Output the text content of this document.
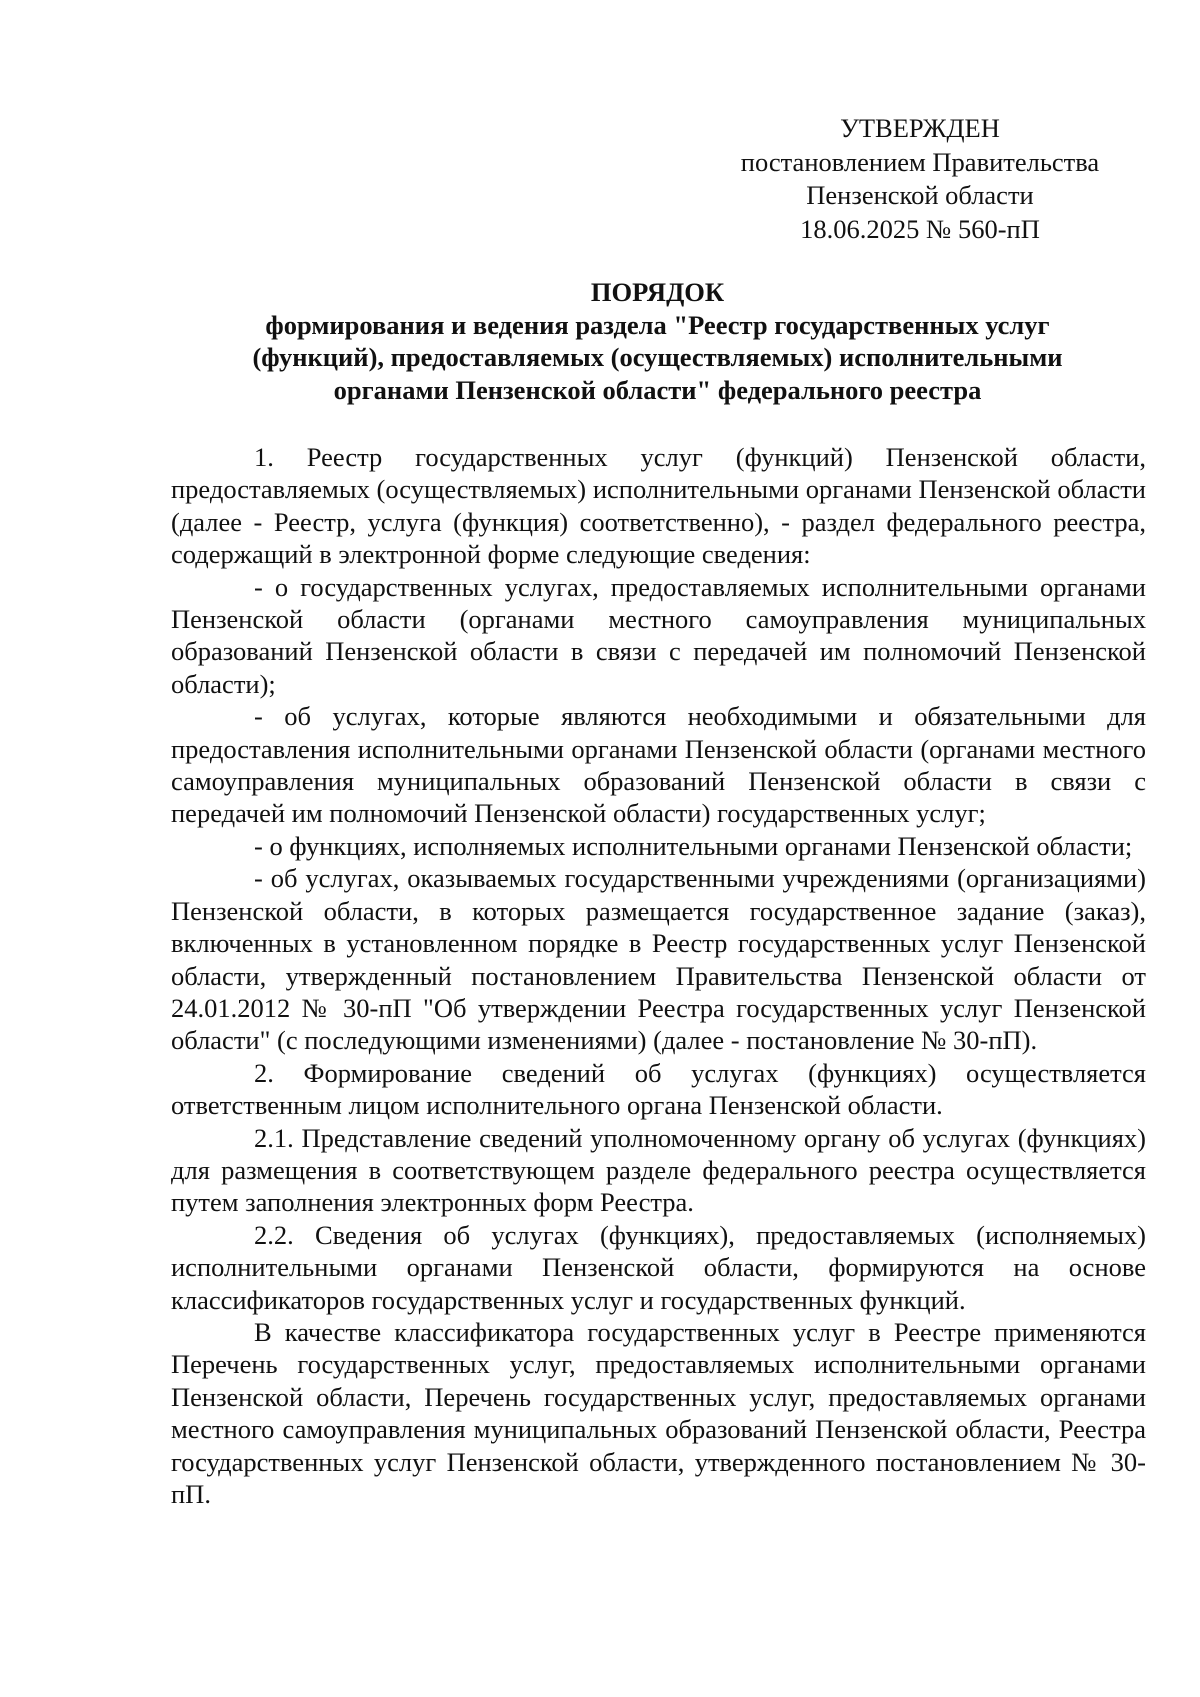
УТВЕРЖДЕН
постановлением Правительства
Пензенской области
18.06.2025 № 560-пП
ПОРЯДОК
формирования и ведения раздела "Реестр государственных услуг
(функций), предоставляемых (осуществляемых) исполнительными
органами Пензенской области" федерального реестра

1. Реестр государственных услуг (функций) Пензенской области, предоставляемых (осуществляемых) исполнительными органами Пензенской области (далее - Реестр, услуга (функция) соответственно), - раздел федерального реестра, содержащий в электронной форме следующие сведения:

- о государственных услугах, предоставляемых исполнительными органами Пензенской области (органами местного самоуправления муниципальных образований Пензенской области в связи с передачей им полномочий Пензенской области);

- об услугах, которые являются необходимыми и обязательными для предоставления исполнительными органами Пензенской области (органами местного самоуправления муниципальных образований Пензенской области в связи с передачей им полномочий Пензенской области) государственных услуг;

- о функциях, исполняемых исполнительными органами Пензенской области;

- об услугах, оказываемых государственными учреждениями (организациями) Пензенской области, в которых размещается государственное задание (заказ), включенных в установленном порядке в Реестр государственных услуг Пензенской области, утвержденный постановлением Правительства Пензенской области от 24.01.2012 № 30-пП "Об утверждении Реестра государственных услуг Пензенской области" (с последующими изменениями) (далее - постановление № 30-пП).

2. Формирование сведений об услугах (функциях) осуществляется ответственным лицом исполнительного органа Пензенской области.

2.1. Представление сведений уполномоченному органу об услугах (функциях) для размещения в соответствующем разделе федерального реестра осуществляется путем заполнения электронных форм Реестра.

2.2. Сведения об услугах (функциях), предоставляемых (исполняемых) исполнительными органами Пензенской области, формируются на основе классификаторов государственных услуг и государственных функций.

В качестве классификатора государственных услуг в Реестре применяются Перечень государственных услуг, предоставляемых исполнительными органами Пензенской области, Перечень государственных услуг, предоставляемых органами местного самоуправления муниципальных образований Пензенской области, Реестра государственных услуг Пензенской области, утвержденного постановлением № 30-пП.
